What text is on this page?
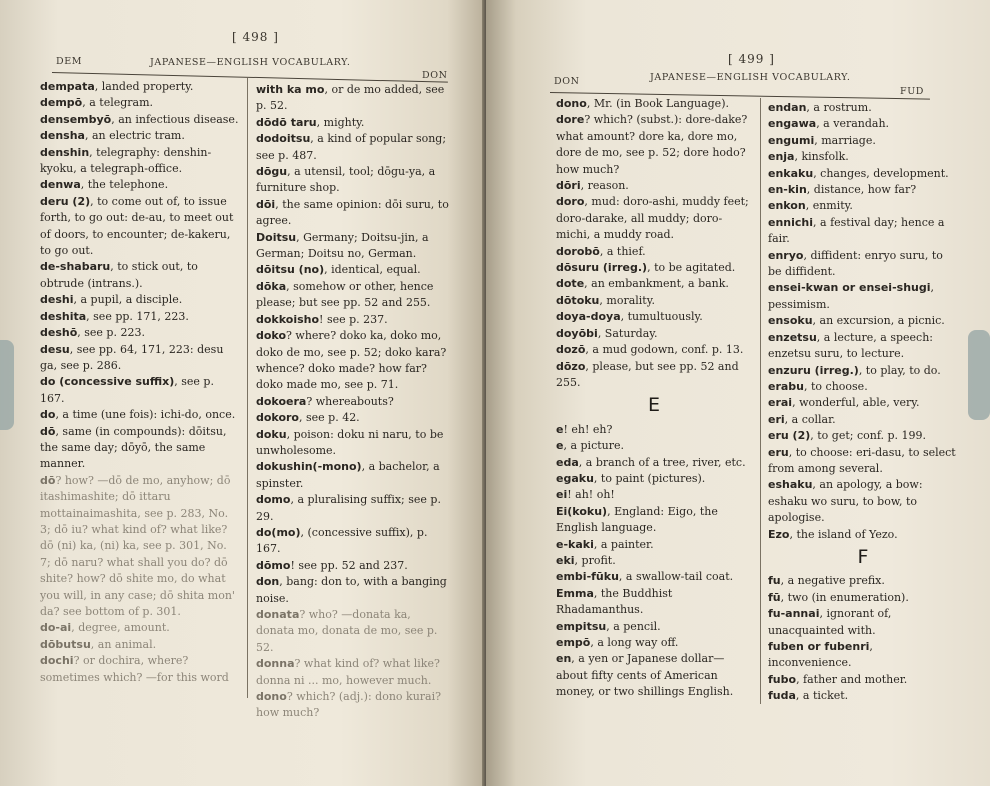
[ 498 ]
DEM	JAPANESE—ENGLISH VOCABULARY.
DON

dempata, landed property.

dempō, a telegram.

densembyō, an infectious disease.

densha, an electric tram.

denshin, telegraphy: denshin-kyoku, a telegraph-office.

denwa, the telephone.

deru (2), to come out of, to issue forth, to go out: de-au, to meet out of doors, to encounter; de-kakeru, to go out.

de-shabaru, to stick out, to obtrude (intrans.).

deshi, a pupil, a disciple.

deshita, see pp. 171, 223.

deshō, see p. 223.

desu, see pp. 64, 171, 223: desu ga, see p. 286.

do (concessive suffix), see p. 167.

do, a time (une fois): ichi-do, once.

dō, same (in compounds): dōitsu, the same day; dōyō, the same manner.

dō? how? —dō de mo, anyhow; dō itashimashite; dō ittaru mottainaimashita, see p. 283, No. 3; dō iu? what kind of? what like? dō (ni) ka, (ni) ka, see p. 301, No. 7; dō naru? what shall you do? dō shite? how? dō shite mo, do what you will, in any case; dō shita mon' da? see bottom of p. 301.

do-ai, degree, amount.

dōbutsu, an animal.

dochi? or dochira, where? sometimes which? —for this word

with ka mo, or de mo added, see p. 52.

dōdō taru, mighty.

dodoitsu, a kind of popular song; see p. 487.

dōgu, a utensil, tool; dōgu-ya, a furniture shop.

dōi, the same opinion: dōi suru, to agree.

Doitsu, Germany; Doitsu-jin, a German; Doitsu no, German.

dōitsu (no), identical, equal.

dōka, somehow or other, hence please; but see pp. 52 and 255.

dokkoisho! see p. 237.

doko? where? doko ka, doko mo, doko de mo, see p. 52; doko kara? whence? doko made? how far? doko made mo, see p. 71.

dokoera? whereabouts?

dokoro, see p. 42.

doku, poison: doku ni naru, to be unwholesome.

dokushin(-mono), a bachelor, a spinster.

domo, a pluralising suffix; see p. 29.

do(mo), (concessive suffix), p. 167.

dōmo! see pp. 52 and 237.

don, bang: don to, with a banging noise.

donata? who? —donata ka, donata mo, donata de mo, see p. 52.

donna? what kind of? what like? donna ni ... mo, however much.

dono? which? (adj.): dono kurai? how much?

[ 499 ]
DON	JAPANESE—ENGLISH VOCABULARY.
FUD

dono, Mr. (in Book Language).

dore? which? (subst.): dore-dake? what amount? dore ka, dore mo, dore de mo, see p. 52; dore hodo? how much?

dōri, reason.

doro, mud: doro-ashi, muddy feet; doro-darake, all muddy; doro-michi, a muddy road.

dorobō, a thief.

dōsuru (irreg.), to be agitated.

dote, an embankment, a bank.

dōtoku, morality.

doya-doya, tumultuously.

doyōbi, Saturday.

dozō, a mud godown, conf. p. 13.

dōzo, please, but see pp. 52 and 255.

E

e! eh! eh?

e, a picture.

eda, a branch of a tree, river, etc.

egaku, to paint (pictures).

ei! ah! oh!

Ei(koku), England: Eigo, the English language.

e-kaki, a painter.

eki, profit.

embi-fūku, a swallow-tail coat.

Emma, the Buddhist Rhadamanthus.

empitsu, a pencil.

empō, a long way off.

en, a yen or Japanese dollar—about fifty cents of American money, or two shillings English.

endan, a rostrum.

engawa, a verandah.

engumi, marriage.

enja, kinsfolk.

enkaku, changes, development.

en-kin, distance, how far?

enkon, enmity.

ennichi, a festival day; hence a fair.

enryo, diffident: enryo suru, to be diffident.

ensei-kwan or ensei-shugi, pessimism.

ensoku, an excursion, a picnic.

enzetsu, a lecture, a speech: enzetsu suru, to lecture.

enzuru (irreg.), to play, to do.

erabu, to choose.

erai, wonderful, able, very.

eri, a collar.

eru (2), to get; conf. p. 199.

eru, to choose: eri-dasu, to select from among several.

eshaku, an apology, a bow: eshaku wo suru, to bow, to apologise.

Ezo, the island of Yezo.

F

fu, a negative prefix.

fū, two (in enumeration).

fu-annai, ignorant of, unacquainted with.

fuben or fubenri, inconvenience.

fubo, father and mother.

fuda, a ticket.
